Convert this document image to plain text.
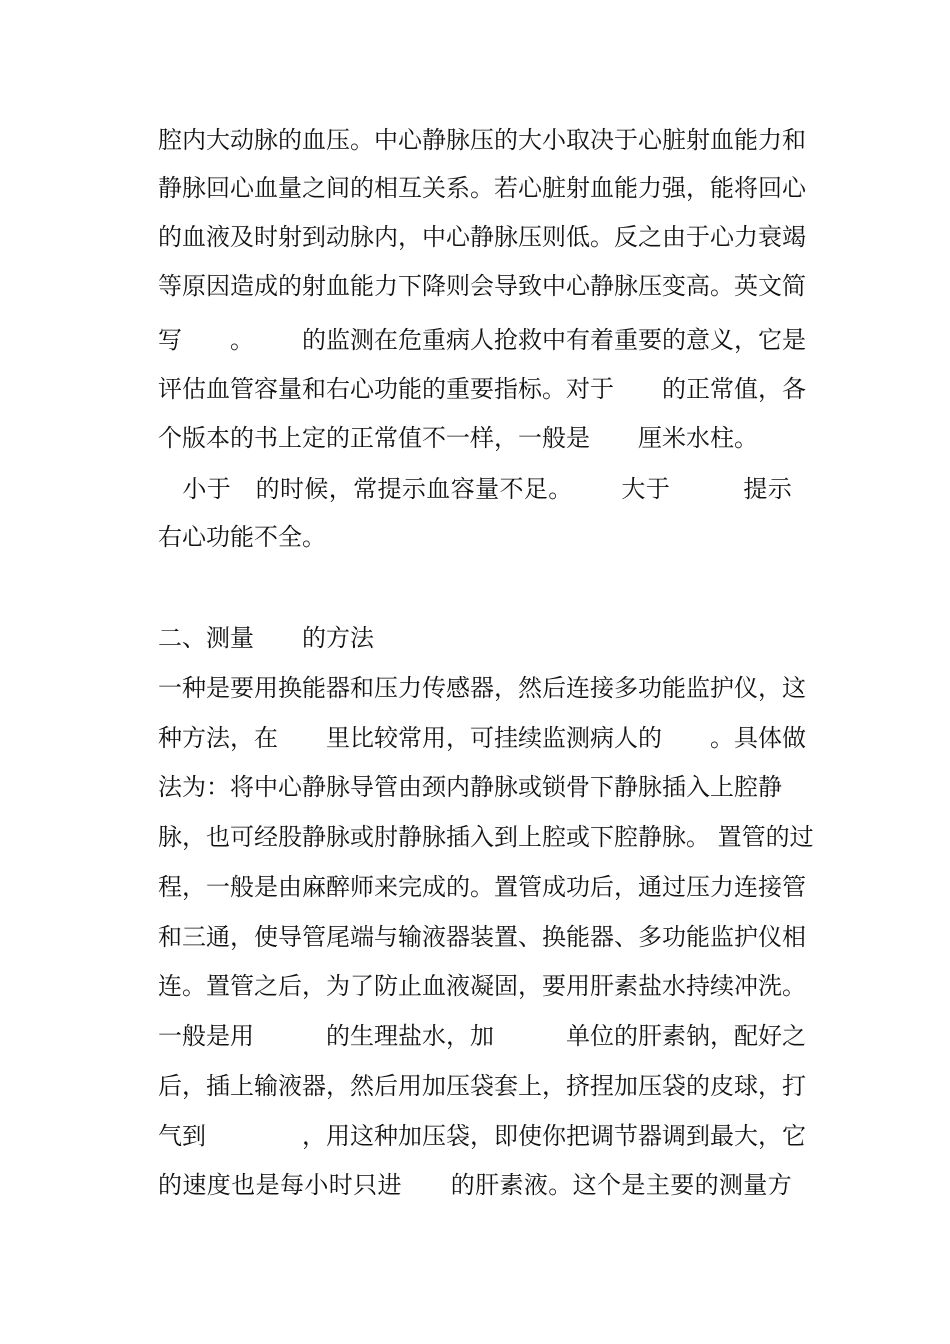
腔 内 大 动 脉 的 血 压 。 中 心 静 脉 压 的 大 小 取 决 于 心 脏 射 血 能 力 和
静 脉 回 心 血 量 之 间 的 相 互 关 系 。 若 心 脏 射 血 能 力 强 ， 能 将 回 心
的 血 液 及 时 射 到 动 脉 内 ， 中 心 静 脉 压 则 低 。 反 之 由 于 心 力 衰 竭
等 原 因 造 成 的 射 血 能 力 下 降 则 会 导 致 中 心 静 脉 压 变 高 。 英 文 简
写

　 。

　 的 监 测 在 危 重 病 人 抢 救 中 有 着 重 要 的 意 义 ， 它 是
评 估 血 管 容 量 和 右 心 功 能 的 重 要 指 标 。 对 于

　 的 正 常 值 ， 各
个版本的书上定的正常值不一样，一般是　　厘米水柱。

小 于
　 的 时 候 ， 常 提 示 血 容 量 不 足 。

　 大 于

　	提 示
右心功能不全。
二、测量　　的方法
一 种 是 要 用 换 能 器 和 压 力 传 感 器 ， 然 后 连 接 多 功 能 监 护 仪 ， 这
种 方 法 ， 在

　 里 比 较 常 用 ， 可 挂 续 监 测 病 人 的

　 。 具 体 做
法为：将中心静脉导管由颈内静脉或锁骨下静脉插入上腔静
脉 ， 也 可 经 股 静 脉 或 肘 静 脉 插 入 到 上 腔 或 下 腔 静 脉 。
置 管 的 过
程 ， 一 般 是 由 麻 醉 师 来 完 成 的 。 置 管 成 功 后 ， 通 过 压 力 连 接 管
和 三 通 ， 使 导 管 尾 端 与 输 液 器 装 置 、 换 能 器 、 多 功 能 监 护 仪 相
连 。 置 管 之 后 ， 为 了 防 止 血 液 凝 固 ， 要 用 肝 素 盐 水 持 续 冲 洗 。
一 般 是 用

　	的 生 理 盐 水 ， 加

　	单 位 的 肝 素 钠 ， 配 好 之
后 ， 插 上 输 液 器 ， 然 后 用 加 压 袋 套 上 ， 挤 捏 加 压 袋 的 皮 球 ， 打
气 到

　	， 用 这 种 加 压 袋 ， 即 使 你 把 调 节 器 调 到 最 大 ， 它
的 速 度 也 是 每 小 时 只 进

　 的 肝 素 液 。 这 个 是 主 要 的 测 量 方
